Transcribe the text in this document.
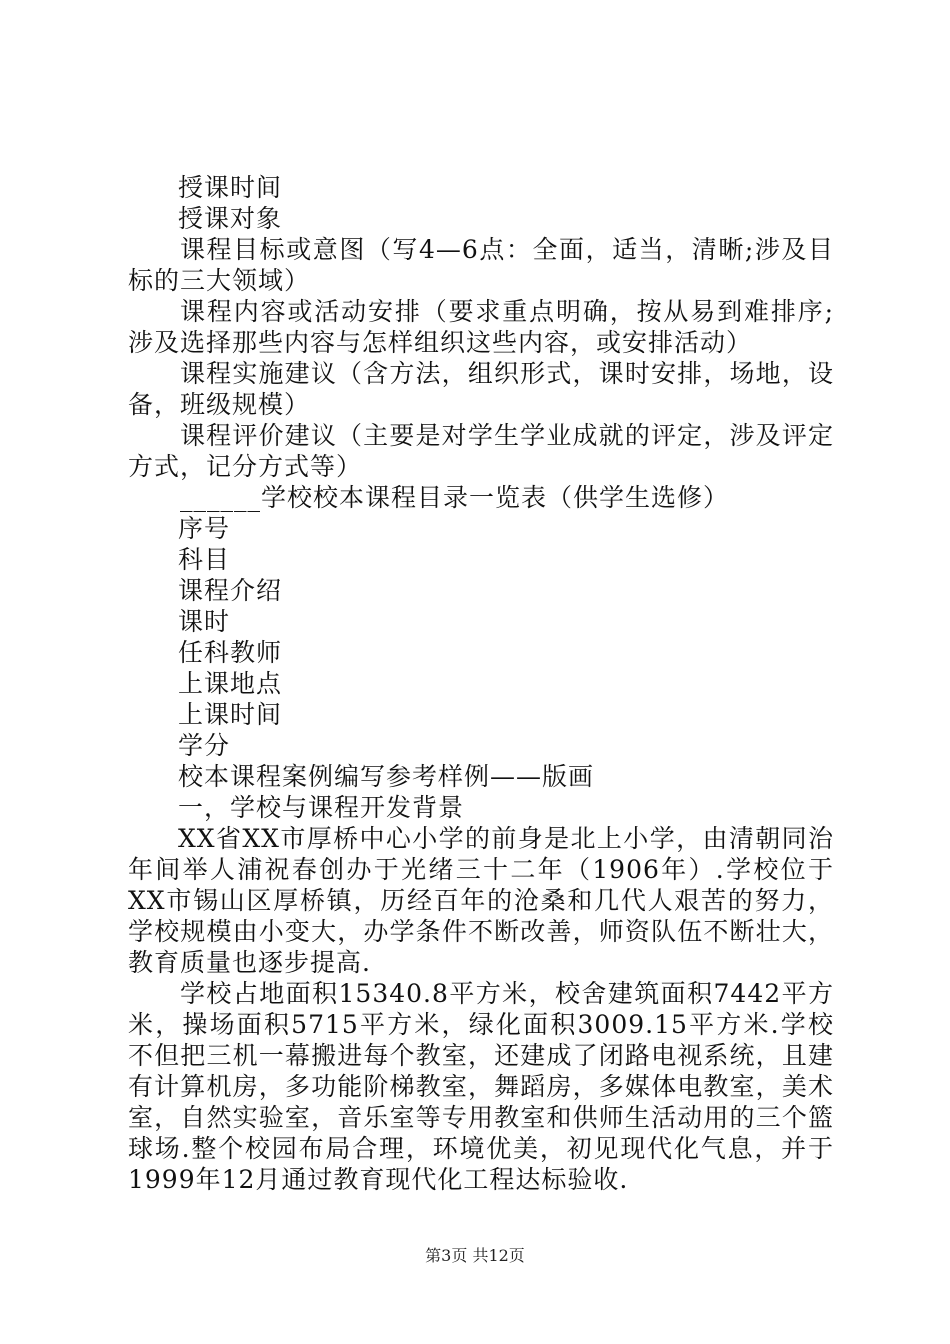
授课时间

授课对象

课程目标或意图（写4—6点：全面，适当，清晰;涉及目标的三大领域）

课程内容或活动安排（要求重点明确，按从易到难排序;涉及选择那些内容与怎样组织这些内容，或安排活动）

课程实施建议（含方法，组织形式，课时安排，场地，设备，班级规模）

课程评价建议（主要是对学生学业成就的评定，涉及评定方式，记分方式等）

______学校校本课程目录一览表（供学生选修）

序号

科目

课程介绍

课时

任科教师

上课地点

上课时间

学分

校本课程案例编写参考样例——版画

一，学校与课程开发背景

XX省XX市厚桥中心小学的前身是北上小学，由清朝同治年间举人浦祝春创办于光绪三十二年（1906年）.学校位于XX市锡山区厚桥镇，历经百年的沧桑和几代人艰苦的努力，学校规模由小变大，办学条件不断改善，师资队伍不断壮大，教育质量也逐步提高.

学校占地面积15340.8平方米，校舍建筑面积7442平方米，操场面积5715平方米，绿化面积3009.15平方米.学校不但把三机一幕搬进每个教室，还建成了闭路电视系统，且建有计算机房，多功能阶梯教室，舞蹈房，多媒体电教室，美术室，自然实验室，音乐室等专用教室和供师生活动用的三个篮球场.整个校园布局合理，环境优美，初见现代化气息，并于1999年12月通过教育现代化工程达标验收.

第3页 共12页
